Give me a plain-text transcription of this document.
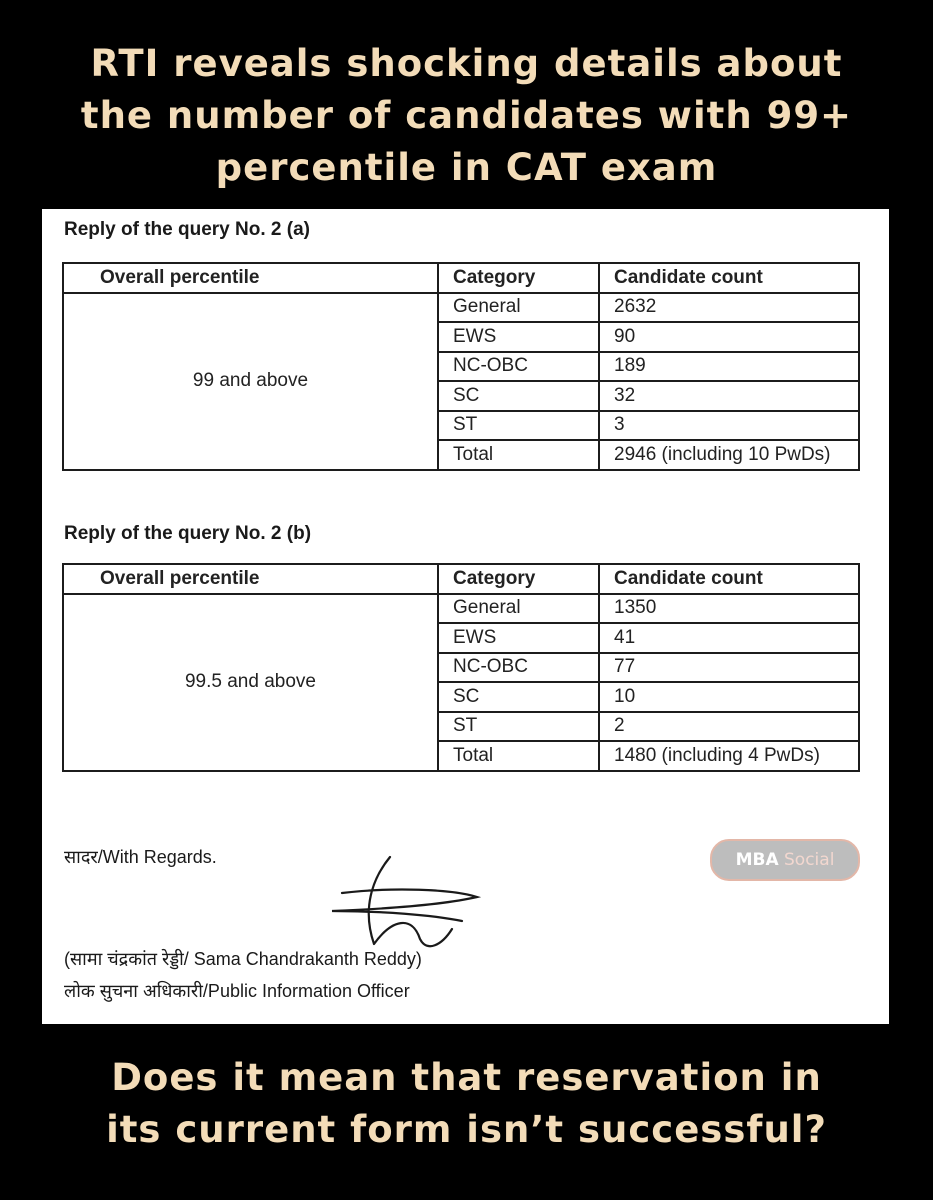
RTI reveals shocking details about
the number of candidates with 99+
percentile in CAT exam
Reply of the query No. 2 (a)
Overall percentile	Category	Candidate count
99 and above	General	2632
	EWS	90
	NC-OBC	189
	SC	32
	ST	3
	Total	2946 (including 10 PwDs)
Reply of the query No. 2 (b)
Overall percentile	Category	Candidate count
99.5 and above	General	1350
	EWS	41
	NC-OBC	77
	SC	10
	ST	2
	Total	1480 (including 4 PwDs)
सादर/With Regards.
(सामा चंद्रकांत रेड्डी/ Sama Chandrakanth Reddy)
लोक सुचना अधिकारी/Public Information Officer
MBA Social
Does it mean that reservation in
its current form isn’t successful?
